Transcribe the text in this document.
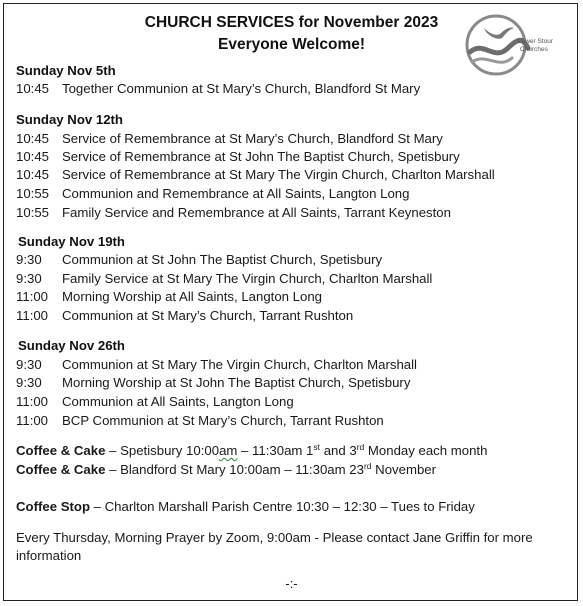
CHURCH SERVICES for November 2023
Everyone Welcome!	Lower Stour
Churches
Sunday Nov 5th
10:45 Together Communion at St Mary’s Church, Blandford St Mary
Sunday Nov 12th
10:45 Service of Remembrance at St Mary’s Church, Blandford St Mary
10:45 Service of Remembrance at St John The Baptist Church, Spetisbury
10:45 Service of Remembrance at St Mary The Virgin Church, Charlton Marshall
10:55 Communion and Remembrance at All Saints, Langton Long
10:55 Family Service and Remembrance at All Saints, Tarrant Keyneston
Sunday Nov 19th
9:30 Communion at St John The Baptist Church, Spetisbury
9:30 Family Service at St Mary The Virgin Church, Charlton Marshall
11:00 Morning Worship at All Saints, Langton Long
11:00 Communion at St Mary’s Church, Tarrant Rushton
Sunday Nov 26th
9:30 Communion at St Mary The Virgin Church, Charlton Marshall
9:30 Morning Worship at St John The Baptist Church, Spetisbury
11:00 Communion at All Saints, Langton Long
11:00 BCP Communion at St Mary’s Church, Tarrant Rushton
Coffee & Cake – Spetisbury 10:00am – 11:30am 1st and 3rd Monday each month
Coffee & Cake – Blandford St Mary 10:00am – 11:30am 23rd November
Coffee Stop – Charlton Marshall Parish Centre 10:30 – 12:30 – Tues to Friday
Every Thursday, Morning Prayer by Zoom, 9:00am - Please contact Jane Griffin for more information
-:-
